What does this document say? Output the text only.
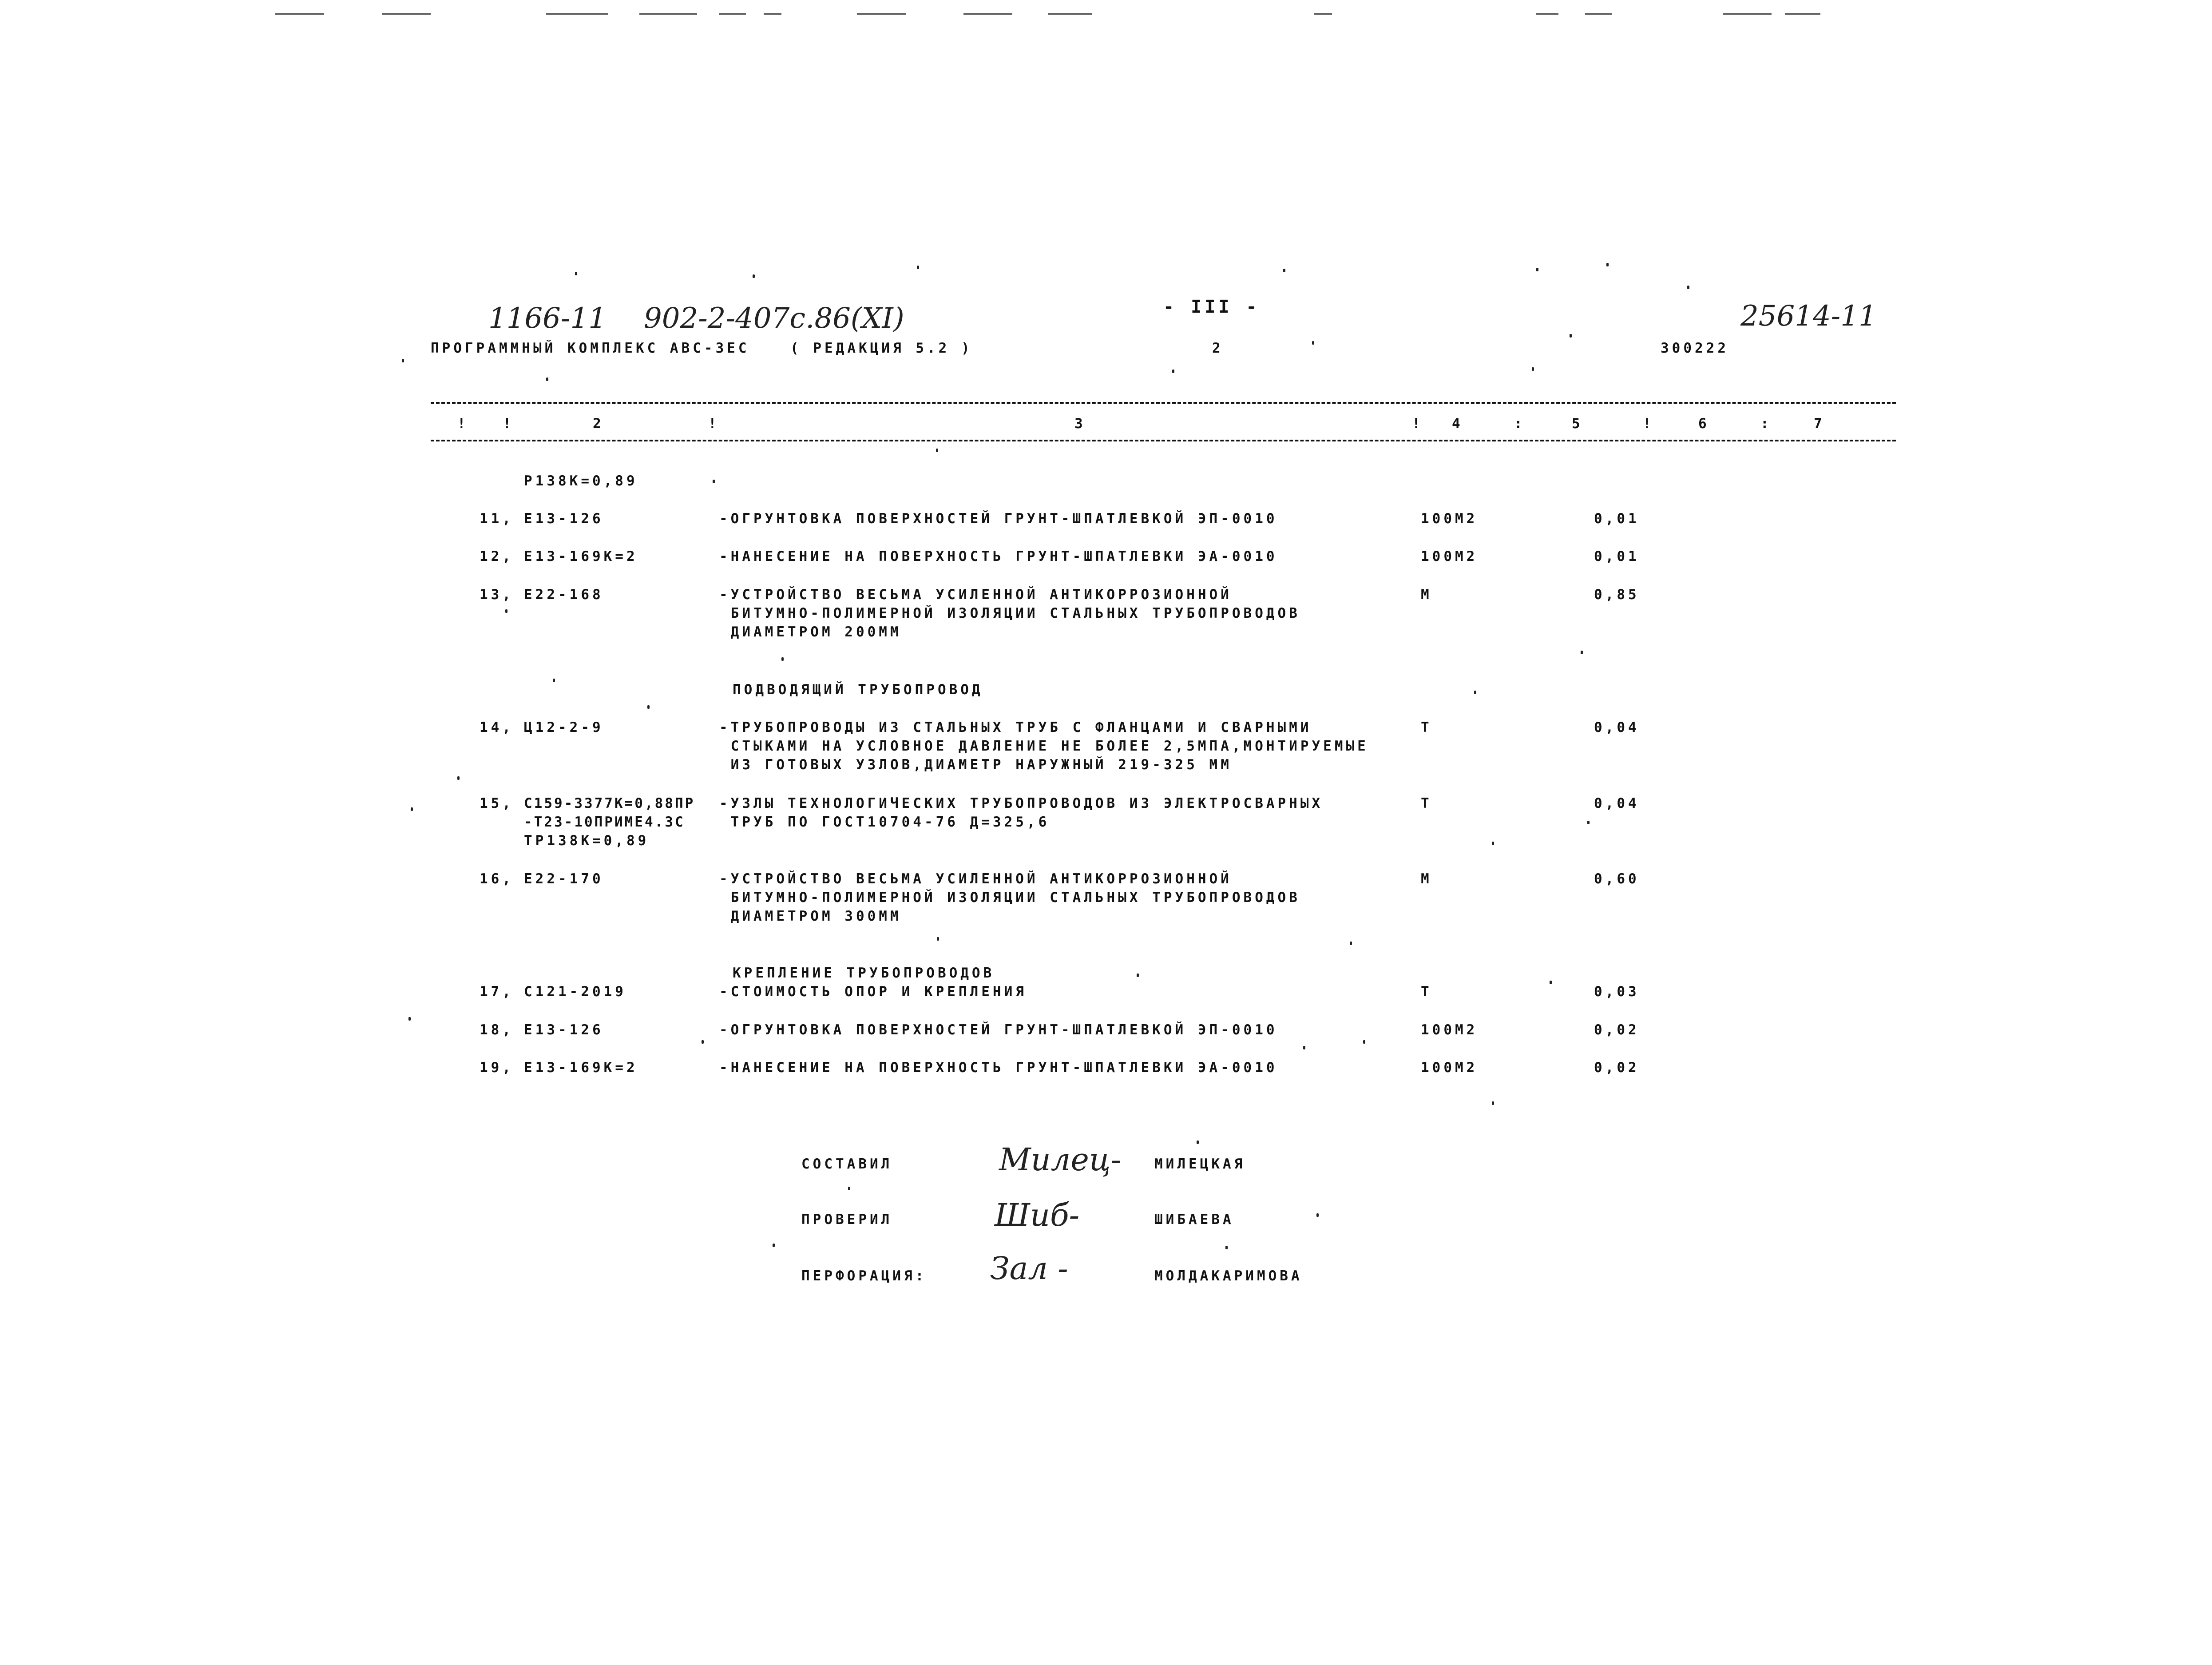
1166-11 902-2-407с.86(XI)	25614-11
- III -
ПРОГРАММНЫЙ КОМПЛЕКС АВС-ЗЕС	( РЕДАКЦИЯ 5.2 )	2	300222
!   !	!	!	:	!	:
2	3	4	5	6	7
Р138К=0,89
11, Е13-126	-ОГРУНТОВКА ПОВЕРХНОСТЕЙ ГРУНТ-ШПАТЛЕВКОЙ ЭП-0010	100М2	0,01
12, Е13-169К=2	-НАНЕСЕНИЕ НА ПОВЕРХНОСТЬ ГРУНТ-ШПАТЛЕВКИ ЭА-0010	100М2	0,01
13, Е22-168	-УСТРОЙСТВО ВЕСЬМА УСИЛЕННОЙ АНТИКОРРОЗИОННОЙ	М	0,85
БИТУМНО-ПОЛИМЕРНОЙ ИЗОЛЯЦИИ СТАЛЬНЫХ ТРУБОПРОВОДОВ
ДИАМЕТРОМ 200ММ
ПОДВОДЯЩИЙ ТРУБОПРОВОД
14, Ц12-2-9	-ТРУБОПРОВОДЫ ИЗ СТАЛЬНЫХ ТРУБ С ФЛАНЦАМИ И СВАРНЫМИ	Т	0,04
СТЫКАМИ НА УСЛОВНОЕ ДАВЛЕНИЕ НЕ БОЛЕЕ 2,5МПА,МОНТИРУЕМЫЕ
ИЗ ГОТОВЫХ УЗЛОВ,ДИАМЕТР НАРУЖНЫЙ 219-325 ММ
15, С159-3377К=0,88ПР -УЗЛЫ ТЕХНОЛОГИЧЕСКИХ ТРУБОПРОВОДОВ ИЗ ЭЛЕКТРОСВАРНЫХ	Т	0,04
-Т23-10ПРИМЕ4.3С ТРУБ ПО ГОСТ10704-76 Д=325,6
ТР138К=0,89
16, Е22-170	-УСТРОЙСТВО ВЕСЬМА УСИЛЕННОЙ АНТИКОРРОЗИОННОЙ	М	0,60
БИТУМНО-ПОЛИМЕРНОЙ ИЗОЛЯЦИИ СТАЛЬНЫХ ТРУБОПРОВОДОВ
ДИАМЕТРОМ 300ММ
КРЕПЛЕНИЕ ТРУБОПРОВОДОВ
17, С121-2019	-СТОИМОСТЬ ОПОР И КРЕПЛЕНИЯ	Т	0,03
18, Е13-126	-ОГРУНТОВКА ПОВЕРХНОСТЕЙ ГРУНТ-ШПАТЛЕВКОЙ ЭП-0010	100М2	0,02
19, Е13-169К=2	-НАНЕСЕНИЕ НА ПОВЕРХНОСТЬ ГРУНТ-ШПАТЛЕВКИ ЭА-0010	100М2	0,02
СОСТАВИЛ	Милец- МИЛЕЦКАЯ
ПРОВЕРИЛ	Шиб-	ШИБАЕВА
ПЕРФОРАЦИЯ: Зал -	МОЛДАКАРИМОВА
